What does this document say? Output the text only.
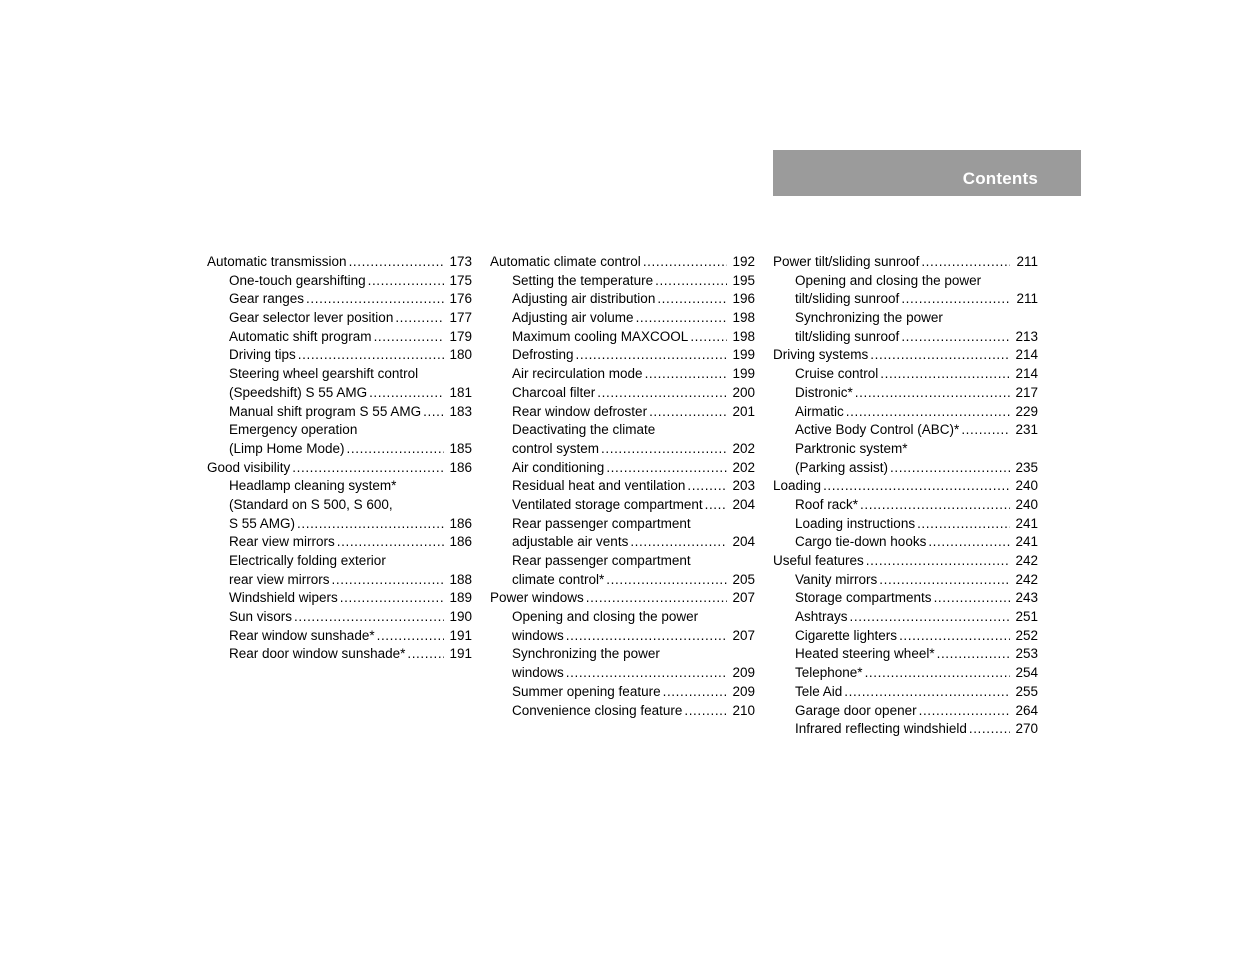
Contents
Automatic transmission .....	173
One-touch gearshifting .....	175
Gear ranges .....	176
Gear selector lever position .....	177
Automatic shift program .....	179
Driving tips .....	180
Steering wheel gearshift control
(Speedshift) S 55 AMG .....	181
Manual shift program S 55 AMG ..... 183
Emergency operation
(Limp Home Mode) .....	185
Good visibility .....	186
Headlamp cleaning system*
(Standard on S 500, S 600,
S 55 AMG) .....	186
Rear view mirrors .....	186
Electrically folding exterior
rear view mirrors .....	188
Windshield wipers .....	189
Sun visors .....	190
Rear window sunshade* .....	191
Rear door window sunshade* .....	191
Automatic climate control .....	192
Setting the temperature .....	195
Adjusting air distribution .....	196
Adjusting air volume .....	198
Maximum cooling MAXCOOL .....	198
Defrosting .....	199
Air recirculation mode .....	199
Charcoal filter .....	200
Rear window defroster .....	201
Deactivating the climate
control system .....	202
Air conditioning .....	202
Residual heat and ventilation .....	203
Ventilated storage compartment ..... 204
Rear passenger compartment
adjustable air vents .....	204
Rear passenger compartment
climate control* .....	205
Power windows .....	207
Opening and closing the power
windows .....	207
Synchronizing the power
windows .....	209
Summer opening feature .....	209
Convenience closing feature .....	210
Power tilt/sliding sunroof .....	211
Opening and closing the power
tilt/sliding sunroof .....	211
Synchronizing the power
tilt/sliding sunroof .....	213
Driving systems .....	214
Cruise control .....	214
Distronic* .....	217
Airmatic .....	229
Active Body Control (ABC)* .....	231
Parktronic system*
(Parking assist) .....	235
Loading .....	240
Roof rack* .....	240
Loading instructions .....	241
Cargo tie-down hooks .....	241
Useful features .....	242
Vanity mirrors .....	242
Storage compartments .....	243
Ashtrays .....	251
Cigarette lighters .....	252
Heated steering wheel* .....	253
Telephone* .....	254
Tele Aid .....	255
Garage door opener .....	264
Infrared reflecting windshield .....	270
